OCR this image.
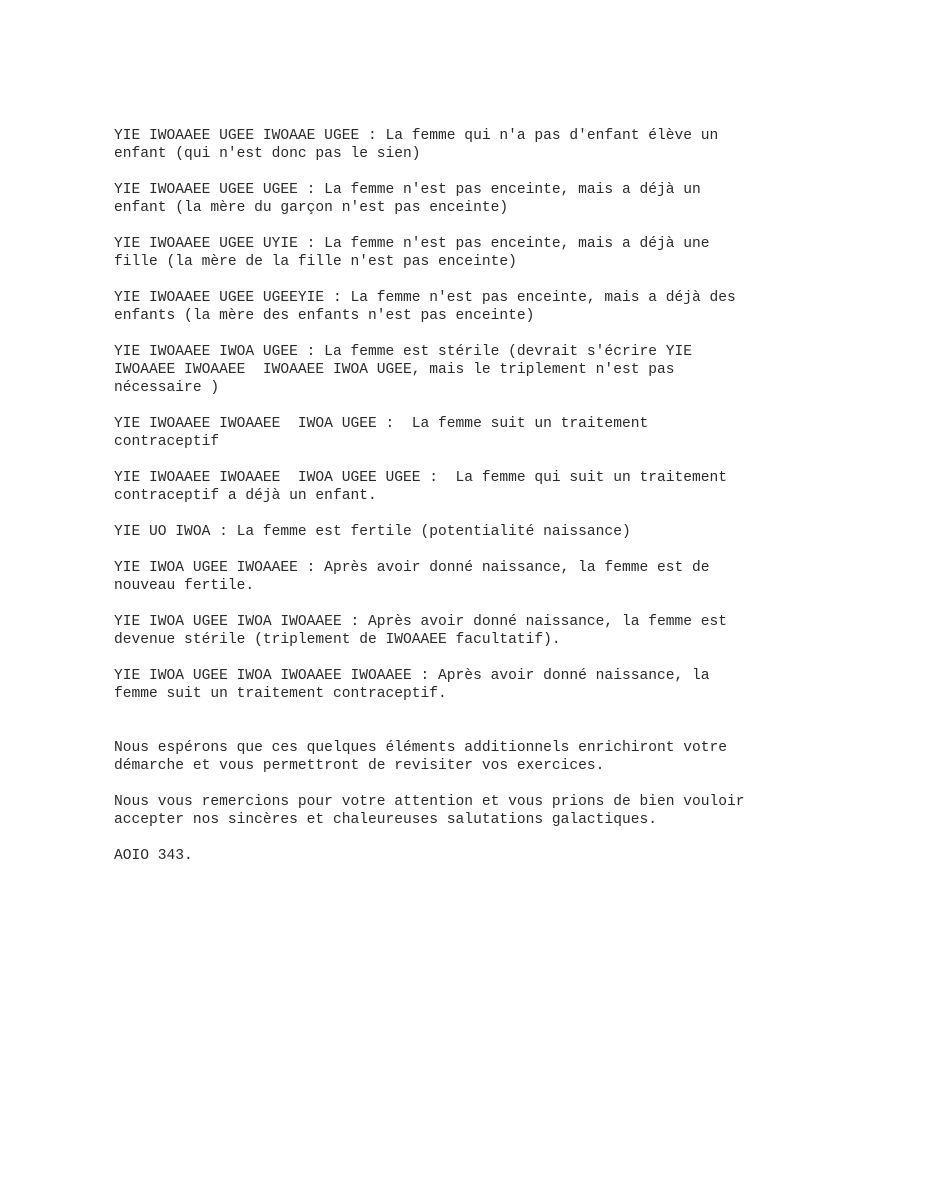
YIE IWOAAEE UGEE IWOAAE UGEE : La femme qui n'a pas d'enfant élève un
enfant (qui n'est donc pas le sien)

YIE IWOAAEE UGEE UGEE : La femme n'est pas enceinte, mais a déjà un
enfant (la mère du garçon n'est pas enceinte)

YIE IWOAAEE UGEE UYIE : La femme n'est pas enceinte, mais a déjà une
fille (la mère de la fille n'est pas enceinte)

YIE IWOAAEE UGEE UGEEYIE : La femme n'est pas enceinte, mais a déjà des
enfants (la mère des enfants n'est pas enceinte)

YIE IWOAAEE IWOA UGEE : La femme est stérile (devrait s'écrire YIE
IWOAAEE IWOAAEE  IWOAAEE IWOA UGEE, mais le triplement n'est pas
nécessaire )

YIE IWOAAEE IWOAAEE  IWOA UGEE :  La femme suit un traitement
contraceptif

YIE IWOAAEE IWOAAEE  IWOA UGEE UGEE :  La femme qui suit un traitement
contraceptif a déjà un enfant.

YIE UO IWOA : La femme est fertile (potentialité naissance)

YIE IWOA UGEE IWOAAEE : Après avoir donné naissance, la femme est de
nouveau fertile.

YIE IWOA UGEE IWOA IWOAAEE : Après avoir donné naissance, la femme est
devenue stérile (triplement de IWOAAEE facultatif).

YIE IWOA UGEE IWOA IWOAAEE IWOAAEE : Après avoir donné naissance, la
femme suit un traitement contraceptif.

Nous espérons que ces quelques éléments additionnels enrichiront votre
démarche et vous permettront de revisiter vos exercices.

Nous vous remercions pour votre attention et vous prions de bien vouloir
accepter nos sincères et chaleureuses salutations galactiques.

AOIO 343.
